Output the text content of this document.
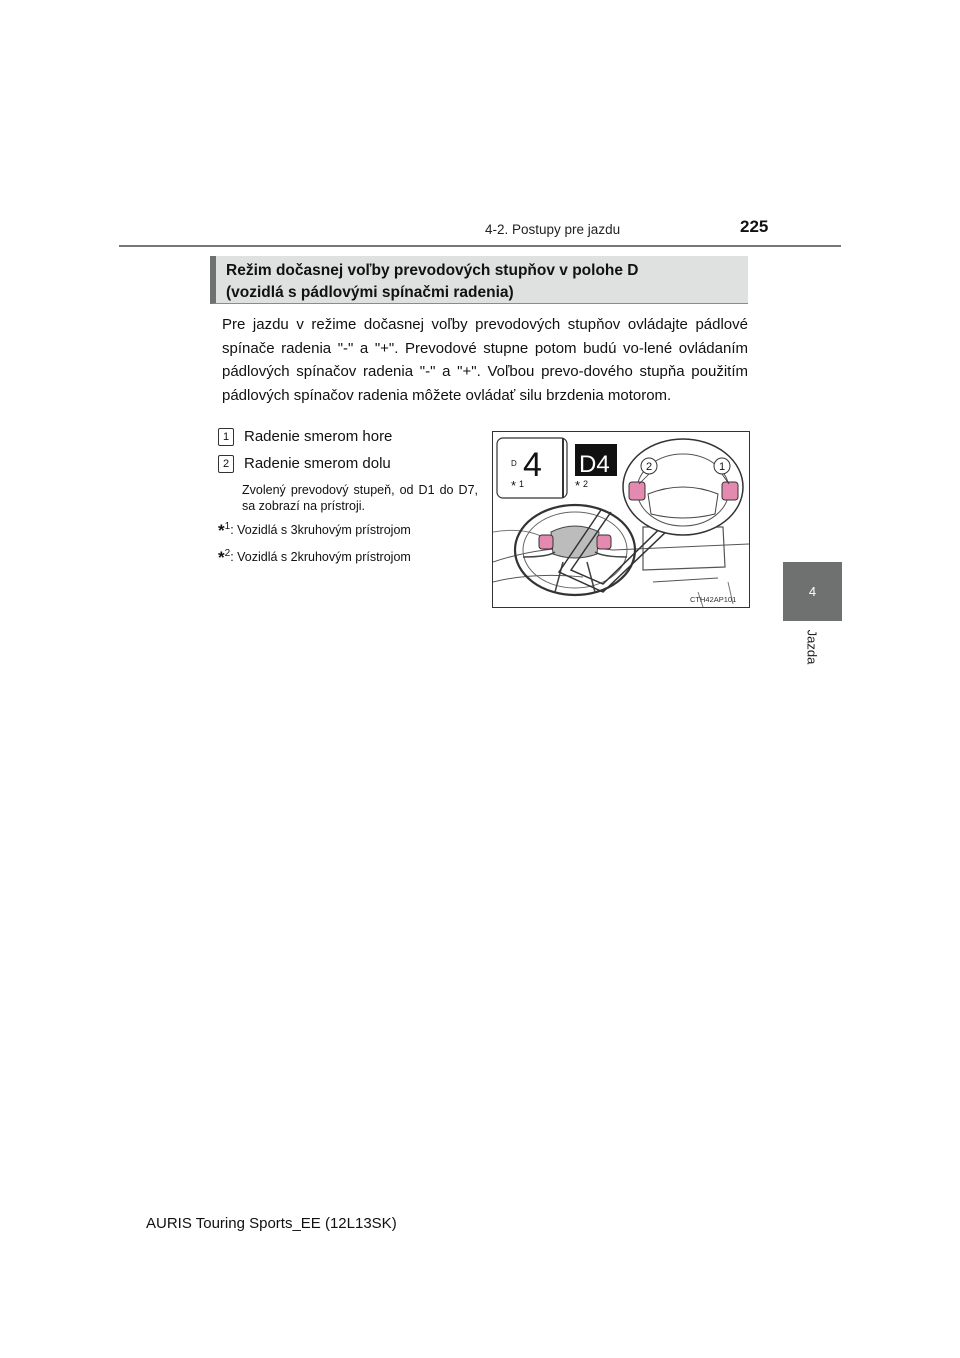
4-2. Postupy pre jazdu	225
4
Jazda
Režim dočasnej voľby prevodových stupňov v polohe D
(vozidlá s pádlovými spínačmi radenia)

Pre jazdu v režime dočasnej voľby prevodových stupňov ovládajte pádlové spínače radenia "-" a "+". Prevodové stupne potom budú vo-lené ovládaním pádlových spínačov radenia "-" a "+". Voľbou prevo-dového stupňa použitím pádlových spínačov radenia môžete ovládať silu brzdenia motorom.

1 Radenie smerom hore
2 Radenie smerom dolu
Zvolený prevodový stupeň, od D1 do D7, sa zobrazí na prístroji.
*$^1$: Vozidlá s 3kruhovým prístrojom
*$^2$: Vozidlá s 2kruhovým prístrojom
D 4 D4
* 1	* 2
2	1
CTH42AP101
AURIS Touring Sports_EE (12L13SK)
